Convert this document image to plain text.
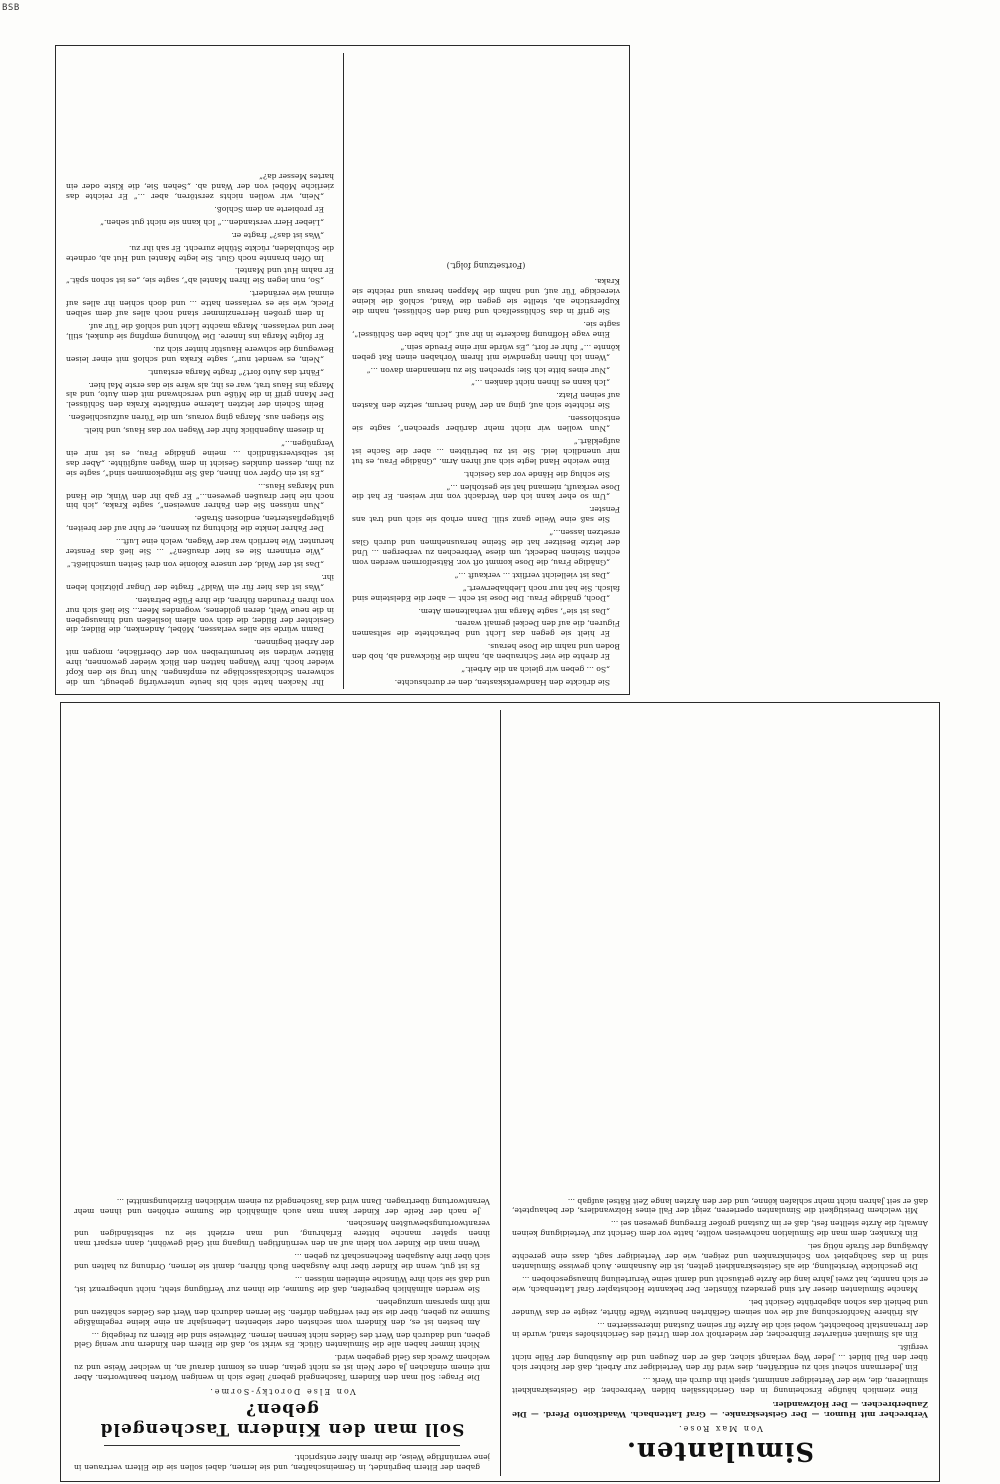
BSB

Sie drückte den Handwerkskasten, den er durchsuchte.

„So ... geben wir gleich an die Arbeit.“

Er drehte die vier Schrauben ab, nahm die Rückwand ab, hob den Boden und nahm die Dose heraus.

Er hielt sie gegen das Licht und betrachtete die seltsamen Figuren, die auf den Deckel gemalt waren.

„Das ist sie“, sagte Marga mit verhaltenem Atem.

„Doch, gnädige Frau. Die Dose ist echt — aber die Edelsteine sind falsch. Sie hat nur noch Liebhaberwert.“

„Das ist vielleicht verflixt ... verkauft ...“

„Gnädige Frau, die Dose kommt oft vor. Rätselformen werden vom echten Steinen bedeckt, um diese Verbrechen zu verbergen ... Und der letzte Besitzer hat die Steine herausnehmen und durch Glas ersetzen lassen...“

Sie saß eine Weile ganz still. Dann erhob sie sich und trat ans Fenster.

„Um so eher kann ich den Verdacht von mir weisen. Er hat die Dose verkauft, niemand hat sie gestohlen ...“

Sie schlug die Hände vor das Gesicht.

Eine weiche Hand legte sich auf ihren Arm. „Gnädige Frau, es tut mir unendlich leid. Sie ist zu betrübten ... aber die Sache ist aufgeklärt.“

„Nun wollen wir nicht mehr darüber sprechen“, sagte sie entschlossen.

Sie richtete sich auf, ging an der Wand herum, setzte den Kasten auf seinen Platz.

„Ich kann es Ihnen nicht danken ...“

„Nur eines bitte ich Sie: sprechen Sie zu niemandem davon ...“

„Wenn ich Ihnen irgendwie mit Ihrem Vorhaben einen Rat geben könnte ...“ fuhr er fort, „Es würde mir eine Freude sein.“

Eine vage Hoffnung flackerte in ihr auf. „Ich habe den Schlüssel“, sagte sie.

Sie griff in das Schlüsselfach und fand den Schlüssel, nahm die Kupferstiche ab, stellte sie gegen die Wand, schloß die kleine viereckige Tür auf, und nahm die Mappen heraus und reichte sie Kraka.

(Fortsetzung folgt.)

Ihr Nacken hatte sich bis heute unterwürfig gebeugt, um die schweren Schicksalsschläge zu empfangen. Nun trug sie den Kopf wieder hoch. Ihre Wangen hatten den Blick wieder gewonnen, ihre Blätter würden sie herumtreiben von der Oberfläche, morgen mit der Arbeit beginnen.

Damn würde sie alles verlassen, Möbel, Andenken, die Bilder, die Gesichter der Bilder, die dich von allem losließen und hinausgeben in die neue Welt, deren goldenes, wogendes Meer... Sie ließ sich nur von ihren Freunden führen, die ihre Füße betraten.

„Was ist das hier für ein Wald?“ fragte der Ungar plötzlich leben ihr.

„Das ist der Wald, der unsere Kolonie von drei Seiten umschließt.“

„Wie erinnern Sie es hier draußen?“ ... Sie ließ das Fenster herunter. Wie herrlich war der Wagen, welch eine Luft...

Der Fahrer lenkte die Richtung zu kennen, er fuhr auf der breiten, glattgepflasterten, endlosen Straße.

„Nun müssen Sie den Fahrer anweisen“, sagte Kraka, „ich bin noch nie hier draußen gewesen...“ Er gab ihr den Wink, die Hand und Margas Haus...

„Es ist ein Opfer von Ihnen, daß Sie mitgekommen sind“, sagte sie zu ihm, dessen dunkles Gesicht in dem Wagen aufglühte. „Aber das ist selbstverständlich ... meine gnädige Frau, es ist mir ein Vergnügen...“

In diesem Augenblick fuhr der Wagen vor das Haus, und hielt.

Sie stiegen aus. Marga ging voraus, um die Türen aufzuschließen.

Beim Schein der letzten Laterne entfaltete Kraka den Schlüssel. Der Mann griff in die Müße und verschwand mit dem Auto, und als Marga ins Haus trat, war es ihr, als wäre sie das erste Mal hier.

„Fährt das Auto fort?“ fragte Marga erstaunt.

„Nein, es wendet nur“, sagte Kraka und schloß mit einer leisen Bewegung die schwere Haustür hinter sich zu.

Er folgte Marga ins Innere. Die Wohnung empfing sie dunkel, still, leer und verlassen. Marga machte Licht und schloß die Tür auf.

In dem großen Herrenzimmer stand noch alles auf dem selben Fleck, wie sie es verlassen hatte ... und doch schien ihr alles auf einmal wie verändert.

„So, nun legen Sie Ihren Mantel ab“, sagte sie, „es ist schon spät.“ Er nahm Hut und Mantel.

Im Ofen brannte noch Glut. Sie legte Mantel und Hut ab, ordnete die Schubladen, rückte Stühle zurecht. Er sah ihr zu.

„Was ist das?“ fragte er.

„Lieber Herr verstanden...“ Ich kann sie nicht gut sehen.“

Er probierte an dem Schloß.

„Nein, wir wollen nichts zerstören, aber ...“ Er reichte das zierliche Möbel von der Wand ab. „Sehen Sie, die Kiste oder ein hartes Messer da?“

Simulanten.
Von Max Rose.
Verbrecher mit Humor. — Der Geisteskranke. — Graf Lattenbach. Waadtkonto Pferd. — Die Zauberbrecher. — Der Holzwandler.

Eine ziemlich häufige Erscheinung in den Gerichtssälen bilden Verbrecher, die Geisteskrankheit simulieren, die, wie der Verteidiger annimmt, spielt ihn durch ein Werk ...

Ein Jedermann scheut sich zu entkräften, dies wird für den Verteidiger zur Arbeit, daß der Richter sich über den Fall bildet ... Jeder Weg verlangt sicher, daß er den Zeugen und die Ausübung der Fälle nicht vergißt.

Ein als Simulant entlarvter Einbrecher, der wiederholt vor dem Urteil des Gerichtshofes stand, wurde in der Irrenanstalt beobachtet, wobei sich die Ärzte für seinen Zustand interessierten ...

Als frühere Nachforschung auf die von seinem Gefährten benutzte Waffe führte, zeigte er das Wunder und behielt das schon abgebrühte Gesicht bei.

Manche Simulanten dieser Art sind geradezu Künstler. Der bekannte Hochstapler Graf Lattenbach, wie er sich nannte, hat zwei Jahre lang die Ärzte getäuscht und damit seine Verurteilung hinausgeschoben ...

Die geschickte Verstellung, die als Geisteskrankheit gelten, ist die Ausnahme. Auch gewisse Simulanten sind in das Sachgebiet von Scheinkranken und zeigen, wie der Verteidiger sagt, dass eine gerechte Abwägung der Strafe nötig sei.

Ein Kranker, dem man die Simulation nachweisen wollte, hatte vor dem Gericht zur Verteidigung keinen Anwalt; die Ärzte stellten fest, daß er im Zustand großer Erregung gewesen sei ...

Mit welchem Dreistigkeit die Simulanten operieren, zeigt der Fall eines Holzwandlers, der behauptete, daß er seit Jahren nicht mehr schlafen könne, und der den Ärzten lange Zeit Rätsel aufgab ...

gaben der Eltern begründet, in Gemeinschaften, und sie lernen, dabei sollen sie die Eltern vertrauen in jene vernünftige Weise, die ihrem Alter entspricht.

Soll man den Kindern Taschengeld geben?
Von Else Dorotky-Sorme.

Die Frage: Soll man den Kindern Taschengeld geben? ließe sich in wenigen Worten beantworten. Aber mit einem einfachen Ja oder Nein ist es nicht getan, denn es kommt darauf an, in welcher Weise und zu welchem Zweck das Geld gegeben wird.

Nicht immer haben alle die Simulanten Glück. Es wirkt so, daß die Eltern den Kindern nur wenig Geld geben, und dadurch den Wert des Geldes nicht kennen lernen. Zeitweise sind die Eltern zu freigebig ...

Am besten ist es, den Kindern vom sechsten oder siebenten Lebensjahr an eine kleine regelmäßige Summe zu geben, über die sie frei verfügen dürfen. Sie lernen dadurch den Wert des Geldes schätzen und mit ihm sparsam umzugehen.

Sie werden allmählich begreifen, daß die Summe, die ihnen zur Verfügung steht, nicht unbegrenzt ist, und daß sie sich ihre Wünsche einteilen müssen ...

Es ist gut, wenn die Kinder über ihre Ausgaben Buch führen, damit sie lernen, Ordnung zu halten und sich über ihre Ausgaben Rechenschaft zu geben ...

Wenn man die Kinder von klein auf an den vernünftigen Umgang mit Geld gewöhnt, dann erspart man ihnen später manche bittere Erfahrung, und man erzieht sie zu selbständigen und verantwortungsbewußten Menschen.

Je nach der Reife der Kinder kann man auch allmählich die Summe erhöhen und ihnen mehr Verantwortung übertragen. Dann wird das Taschengeld zu einem wirklichen Erziehungsmittel ...
